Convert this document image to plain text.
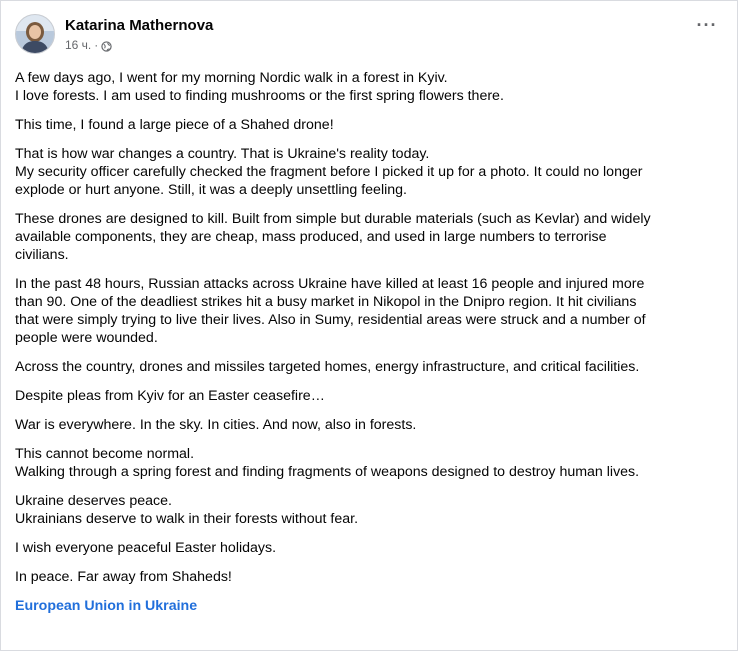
Katarina Mathernova
16 ч. ·
···
A few days ago, I went for my morning Nordic walk in a forest in Kyiv.
I love forests. I am used to finding mushrooms or the first spring flowers there.
This time, I found a large piece of a Shahed drone!
That is how war changes a country. That is Ukraine's reality today.
My security officer carefully checked the fragment before I picked it up for a photo. It could no longer
explode or hurt anyone. Still, it was a deeply unsettling feeling.
These drones are designed to kill. Built from simple but durable materials (such as Kevlar) and widely
available components, they are cheap, mass produced, and used in large numbers to terrorise
civilians.
In the past 48 hours, Russian attacks across Ukraine have killed at least 16 people and injured more
than 90. One of the deadliest strikes hit a busy market in Nikopol in the Dnipro region. It hit civilians
that were simply trying to live their lives. Also in Sumy, residential areas were struck and a number of
people were wounded.
Across the country, drones and missiles targeted homes, energy infrastructure, and critical facilities.
Despite pleas from Kyiv for an Easter ceasefire…
War is everywhere. In the sky. In cities. And now, also in forests.
This cannot become normal.
Walking through a spring forest and finding fragments of weapons designed to destroy human lives.
Ukraine deserves peace.
Ukrainians deserve to walk in their forests without fear.
I wish everyone peaceful Easter holidays.
In peace. Far away from Shaheds!
European Union in Ukraine
